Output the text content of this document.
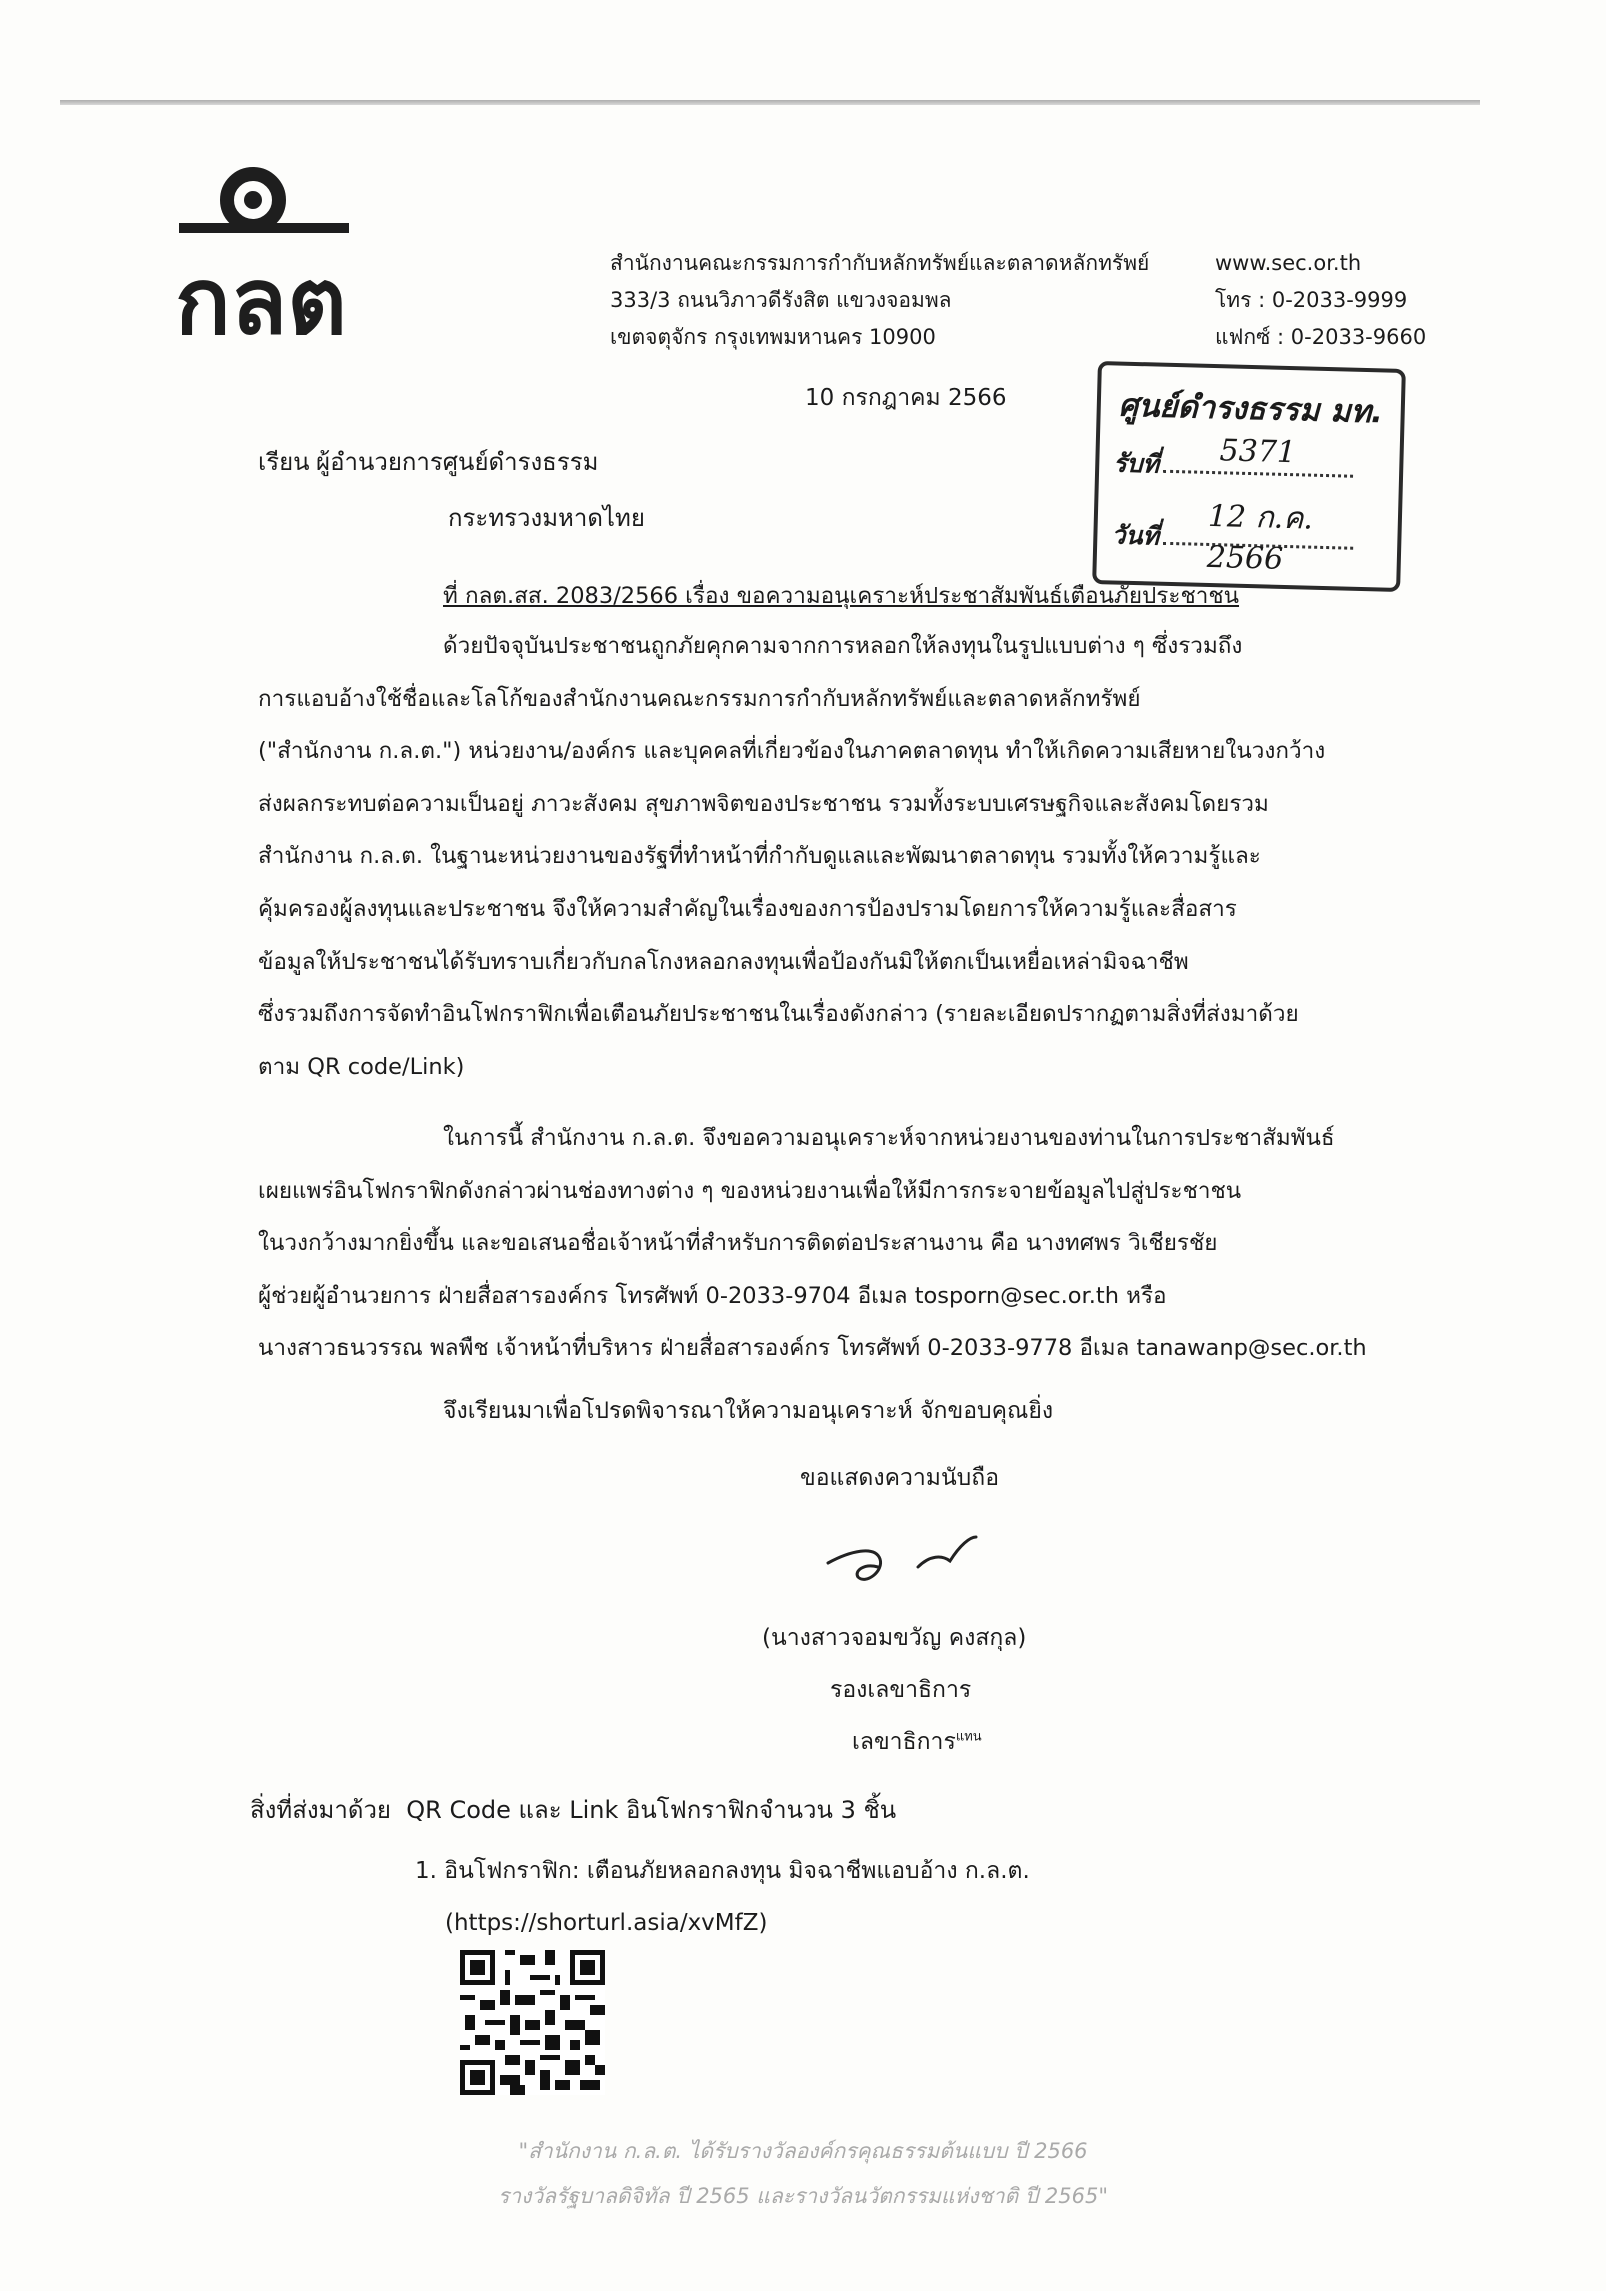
กลต	สำนักงานคณะกรรมการกำกับหลักทรัพย์และตลาดหลักทรัพย์
333/3 ถนนวิภาวดีรังสิต แขวงจอมพล
เขตจตุจักร กรุงเทพมหานคร 10900
www.sec.or.th
โทร : 0-2033-9999
แฟกซ์ : 0-2033-9660
10 กรกฎาคม 2566	ศูนย์ดำรงธรรม มท.
รับที่	5371
วันที่	12 ก.ค. 2566
เรียน ผู้อำนวยการศูนย์ดำรงธรรม
กระทรวงมหาดไทย
ที่ กลต.สส. 2083/2566 เรื่อง ขอความอนุเคราะห์ประชาสัมพันธ์เตือนภัยประชาชน
ด้วยปัจจุบันประชาชนถูกภัยคุกคามจากการหลอกให้ลงทุนในรูปแบบต่าง ๆ ซึ่งรวมถึง
การแอบอ้างใช้ชื่อและโลโก้ของสำนักงานคณะกรรมการกำกับหลักทรัพย์และตลาดหลักทรัพย์
("สำนักงาน ก.ล.ต.") หน่วยงาน/องค์กร และบุคคลที่เกี่ยวข้องในภาคตลาดทุน ทำให้เกิดความเสียหายในวงกว้าง
ส่งผลกระทบต่อความเป็นอยู่ ภาวะสังคม สุขภาพจิตของประชาชน รวมทั้งระบบเศรษฐกิจและสังคมโดยรวม
สำนักงาน ก.ล.ต. ในฐานะหน่วยงานของรัฐที่ทำหน้าที่กำกับดูแลและพัฒนาตลาดทุน รวมทั้งให้ความรู้และ
คุ้มครองผู้ลงทุนและประชาชน จึงให้ความสำคัญในเรื่องของการป้องปรามโดยการให้ความรู้และสื่อสาร
ข้อมูลให้ประชาชนได้รับทราบเกี่ยวกับกลโกงหลอกลงทุนเพื่อป้องกันมิให้ตกเป็นเหยื่อเหล่ามิจฉาชีพ
ซึ่งรวมถึงการจัดทำอินโฟกราฟิกเพื่อเตือนภัยประชาชนในเรื่องดังกล่าว (รายละเอียดปรากฏตามสิ่งที่ส่งมาด้วย
ตาม QR code/Link)
ในการนี้ สำนักงาน ก.ล.ต. จึงขอความอนุเคราะห์จากหน่วยงานของท่านในการประชาสัมพันธ์
เผยแพร่อินโฟกราฟิกดังกล่าวผ่านช่องทางต่าง ๆ ของหน่วยงานเพื่อให้มีการกระจายข้อมูลไปสู่ประชาชน
ในวงกว้างมากยิ่งขึ้น และขอเสนอชื่อเจ้าหน้าที่สำหรับการติดต่อประสานงาน คือ นางทศพร วิเชียรชัย
ผู้ช่วยผู้อำนวยการ ฝ่ายสื่อสารองค์กร โทรศัพท์ 0-2033-9704 อีเมล tosporn@sec.or.th หรือ
นางสาวธนวรรณ พลพืช เจ้าหน้าที่บริหาร ฝ่ายสื่อสารองค์กร โทรศัพท์ 0-2033-9778 อีเมล tanawanp@sec.or.th
จึงเรียนมาเพื่อโปรดพิจารณาให้ความอนุเคราะห์ จักขอบคุณยิ่ง
ขอแสดงความนับถือ
(นางสาวจอมขวัญ คงสกุล)
รองเลขาธิการ
เลขาธิการ$^{แทน}$
สิ่งที่ส่งมาด้วย QR Code และ Link อินโฟกราฟิกจำนวน 3 ชิ้น
1. อินโฟกราฟิก: เตือนภัยหลอกลงทุน มิจฉาชีพแอบอ้าง ก.ล.ต.
(https://shorturl.asia/xvMfZ)
"สำนักงาน ก.ล.ต. ได้รับรางวัลองค์กรคุณธรรมต้นแบบ ปี 2566
รางวัลรัฐบาลดิจิทัล ปี 2565 และรางวัลนวัตกรรมแห่งชาติ ปี 2565"
